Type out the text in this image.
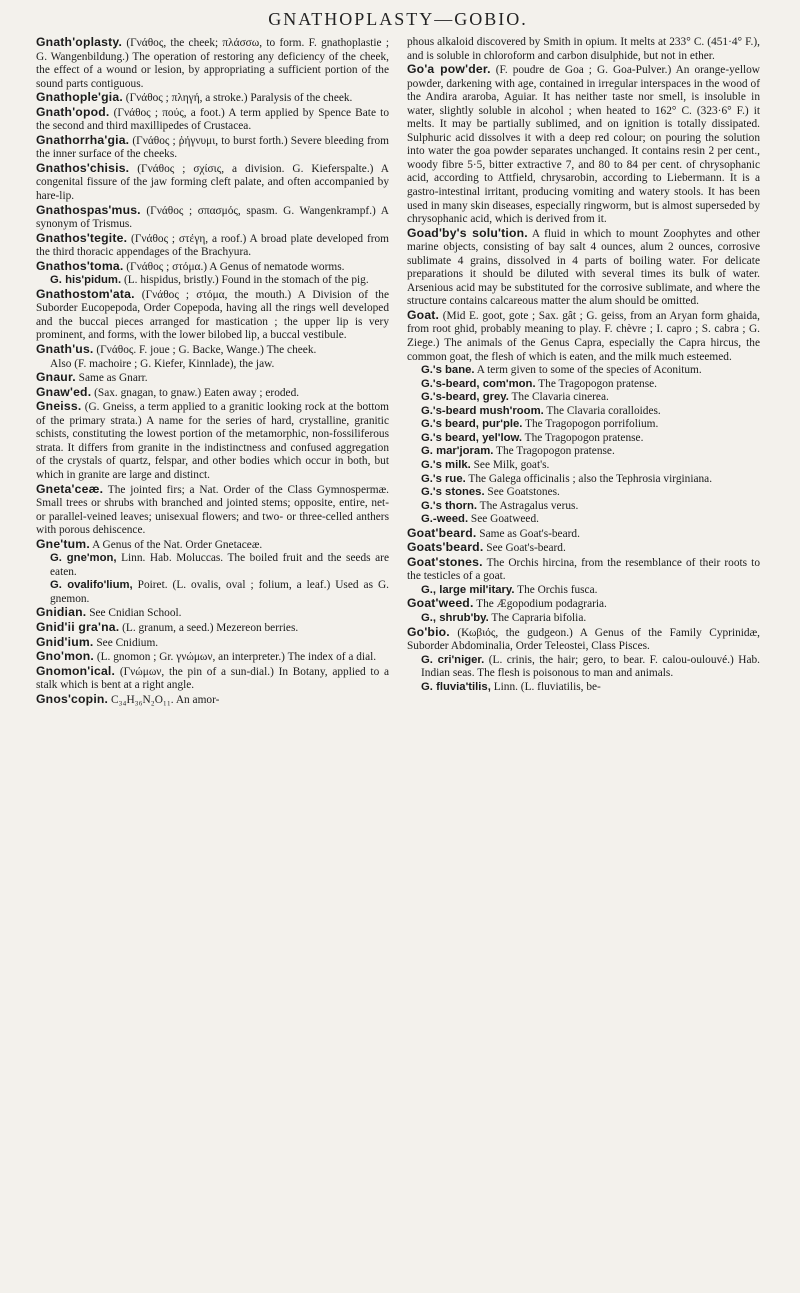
GNATHOPLASTY—GOBIO.

Gnath'oplasty. (Γνάθος, the cheek; πλάσσω, to form. F. gnathoplastie ; G. Wangenbildung.) The operation of restoring any deficiency of the cheek, the effect of a wound or lesion, by appropriating a sufficient portion of the sound parts contiguous.

Gnathople'gia. (Γνάθος ; πληγή, a stroke.) Paralysis of the cheek.

Gnath'opod. (Γνάθος ; πούς, a foot.) A term applied by Spence Bate to the second and third maxillipedes of Crustacea.

Gnathorrha'gia. (Γνάθος ; ῥήγνυμι, to burst forth.) Severe bleeding from the inner surface of the cheeks.

Gnathos'chisis. (Γνάθος ; σχίσις, a division. G. Kieferspalte.) A congenital fissure of the jaw forming cleft palate, and often accompanied by hare-lip.

Gnathospas'mus. (Γνάθος ; σπασμός, spasm. G. Wangenkrampf.) A synonym of Trismus.

Gnathos'tegite. (Γνάθος ; στέγη, a roof.) A broad plate developed from the third thoracic appendages of the Brachyura.

Gnathos'toma. (Γνάθος ; στόμα.) A Genus of nematode worms.

G. his'pidum. (L. hispidus, bristly.) Found in the stomach of the pig.

Gnathostom'ata. (Γνάθος ; στόμα, the mouth.) A Division of the Suborder Eucopepoda, Order Copepoda, having all the rings well developed and the buccal pieces arranged for mastication ; the upper lip is very prominent, and forms, with the lower bilobed lip, a buccal vestibule.

Gnath'us. (Γνάθος. F. joue ; G. Backe, Wange.) The cheek.

Also (F. machoire ; G. Kiefer, Kinnlade), the jaw.

Gnaur. Same as Gnarr.

Gnaw'ed. (Sax. gnagan, to gnaw.) Eaten away ; eroded.

Gneiss. (G. Gneiss, a term applied to a granitic looking rock at the bottom of the primary strata.) A name for the series of hard, crystalline, granitic schists, constituting the lowest portion of the metamorphic, non-fossiliferous strata. It differs from granite in the indistinctness and confused aggregation of the crystals of quartz, felspar, and other bodies which occur in both, but which in granite are large and distinct.

Gneta'ceæ. The jointed firs; a Nat. Order of the Class Gymnospermæ. Small trees or shrubs with branched and jointed stems; opposite, entire, net- or parallel-veined leaves; unisexual flowers; and two- or three-celled anthers with porous dehiscence.

Gne'tum. A Genus of the Nat. Order Gnetaceæ.

G. gne'mon, Linn. Hab. Moluccas. The boiled fruit and the seeds are eaten.

G. ovalifo'lium, Poiret. (L. ovalis, oval ; folium, a leaf.) Used as G. gnemon.

Gnidian. See Cnidian School.

Gnid'ii gra'na. (L. granum, a seed.) Mezereon berries.

Gnid'ium. See Cnidium.

Gno'mon. (L. gnomon ; Gr. γνώμων, an interpreter.) The index of a dial.

Gnomon'ical. (Γνώμων, the pin of a sun-dial.) In Botany, applied to a stalk which is bent at a right angle.

Gnos'copin. C₃₄H₃₆N₂O₁₁. An amor-

phous alkaloid discovered by Smith in opium. It melts at 233° C. (451·4° F.), and is soluble in chloroform and carbon disulphide, but not in ether.

Go'a pow'der. (F. poudre de Goa ; G. Goa-Pulver.) An orange-yellow powder, darkening with age, contained in irregular interspaces in the wood of the Andira araroba, Aguiar. It has neither taste nor smell, is insoluble in water, slightly soluble in alcohol ; when heated to 162° C. (323·6° F.) it melts. It may be partially sublimed, and on ignition is totally dissipated. Sulphuric acid dissolves it with a deep red colour; on pouring the solution into water the goa powder separates unchanged. It contains resin 2 per cent., woody fibre 5·5, bitter extractive 7, and 80 to 84 per cent. of chrysophanic acid, according to Attfield, chrysarobin, according to Liebermann. It is a gastro-intestinal irritant, producing vomiting and watery stools. It has been used in many skin diseases, especially ringworm, but is almost superseded by chrysophanic acid, which is derived from it.

Goad'by's solu'tion. A fluid in which to mount Zoophytes and other marine objects, consisting of bay salt 4 ounces, alum 2 ounces, corrosive sublimate 4 grains, dissolved in 4 parts of boiling water. For delicate preparations it should be diluted with several times its bulk of water. Arsenious acid may be substituted for the corrosive sublimate, and where the structure contains calcareous matter the alum should be omitted.

Goat. (Mid E. goot, gote ; Sax. gât ; G. geiss, from an Aryan form ghaida, from root ghid, probably meaning to play. F. chèvre ; I. capro ; S. cabra ; G. Ziege.) The animals of the Genus Capra, especially the Capra hircus, the common goat, the flesh of which is eaten, and the milk much esteemed.

G.'s bane. A term given to some of the species of Aconitum.

G.'s-beard, com'mon. The Tragopogon pratense.

G.'s-beard, grey. The Clavaria cinerea.

G.'s-beard mush'room. The Clavaria coralloides.

G.'s beard, pur'ple. The Tragopogon porrifolium.

G.'s beard, yel'low. The Tragopogon pratense.

G. mar'joram. The Tragopogon pratense.

G.'s milk. See Milk, goat's.

G.'s rue. The Galega officinalis ; also the Tephrosia virginiana.

G.'s stones. See Goatstones.

G.'s thorn. The Astragalus verus.

G.-weed. See Goatweed.

Goat'beard. Same as Goat's-beard.

Goats'beard. See Goat's-beard.

Goat'stones. The Orchis hircina, from the resemblance of their roots to the testicles of a goat.

G., large mil'itary. The Orchis fusca.

Goat'weed. The Ægopodium podagraria.

G., shrub'by. The Capraria bifolia.

Go'bio. (Κωβιός, the gudgeon.) A Genus of the Family Cyprinidæ, Suborder Abdominalia, Order Teleostei, Class Pisces.

G. cri'niger. (L. crinis, the hair; gero, to bear. F. calou-oulouvé.) Hab. Indian seas. The flesh is poisonous to man and animals.

G. fluvia'tilis, Linn. (L. fluviatilis, be-
